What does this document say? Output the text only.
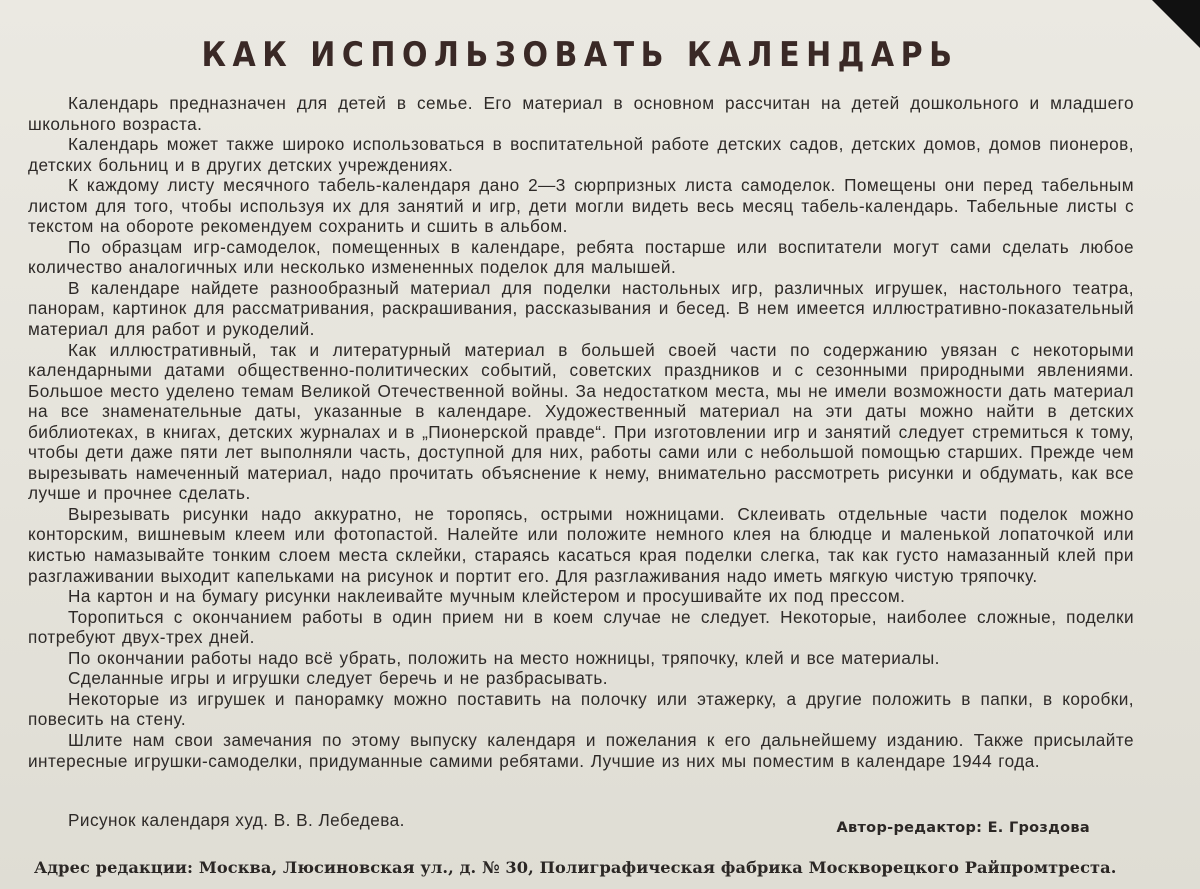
КАК ИСПОЛЬЗОВАТЬ КАЛЕНДАРЬ

Календарь предназначен для детей в семье. Его материал в основном рассчитан на детей дошкольного и младшего школьного возраста.

Календарь может также широко использоваться в воспитательной работе детских садов, детских домов, домов пионеров, детских больниц и в других детских учреждениях.

К каждому листу месячного табель-календаря дано 2—3 сюрпризных листа самоделок. Помещены они перед табельным листом для того, чтобы используя их для занятий и игр, дети могли видеть весь месяц табель-календарь. Табельные листы с текстом на обороте рекомендуем сохранить и сшить в альбом.

По образцам игр-самоделок, помещенных в календаре, ребята постарше или воспитатели могут сами сделать любое количество аналогичных или несколько измененных поделок для малышей.

В календаре найдете разнообразный материал для поделки настольных игр, различных игрушек, настольного театра, панорам, картинок для рассматривания, раскрашивания, рассказывания и бесед. В нем имеется иллюстративно-показательный материал для работ и рукоделий.

Как иллюстративный, так и литературный материал в большей своей части по содержанию увязан с некоторыми календарными датами общественно-политических событий, советских праздников и с сезонными природными явлениями. Большое место уделено темам Великой Отечественной войны. За недостатком места, мы не имели возможности дать материал на все знаменательные даты, указанные в календаре. Художественный материал на эти даты можно найти в детских библиотеках, в книгах, детских журналах и в „Пионерской правде“. При изготовлении игр и занятий следует стремиться к тому, чтобы дети даже пяти лет выполняли часть, доступной для них, работы сами или с небольшой помощью старших. Прежде чем вырезывать намеченный материал, надо прочитать объяснение к нему, внимательно рассмотреть рисунки и обдумать, как все лучше и прочнее сделать.

Вырезывать рисунки надо аккуратно, не торопясь, острыми ножницами. Склеивать отдельные части поделок можно конторским, вишневым клеем или фотопастой. Налейте или положите немного клея на блюдце и маленькой лопаточкой или кистью намазывайте тонким слоем места склейки, стараясь касаться края поделки слегка, так как густо намазанный клей при разглаживании выходит капельками на рисунок и портит его. Для разглаживания надо иметь мягкую чистую тряпочку.

На картон и на бумагу рисунки наклеивайте мучным клейстером и просушивайте их под прессом.

Торопиться с окончанием работы в один прием ни в коем случае не следует. Некоторые, наиболее сложные, поделки потребуют двух-трех дней.

По окончании работы надо всё убрать, положить на место ножницы, тряпочку, клей и все материалы.

Сделанные игры и игрушки следует беречь и не разбрасывать.

Некоторые из игрушек и панорамку можно поставить на полочку или этажерку, а другие положить в папки, в коробки, повесить на стену.

Шлите нам свои замечания по этому выпуску календаря и пожелания к его дальнейшему изданию. Также присылайте интересные игрушки-самоделки, придуманные самими ребятами. Лучшие из них мы поместим в календаре 1944 года.

Рисунок календаря худ. В. В. Лебедева.	Автор-редактор: Е. Гроздова
Адрес редакции: Москва, Люсиновская ул., д. № 30, Полиграфическая фабрика Москворецкого Райпромтреста.
